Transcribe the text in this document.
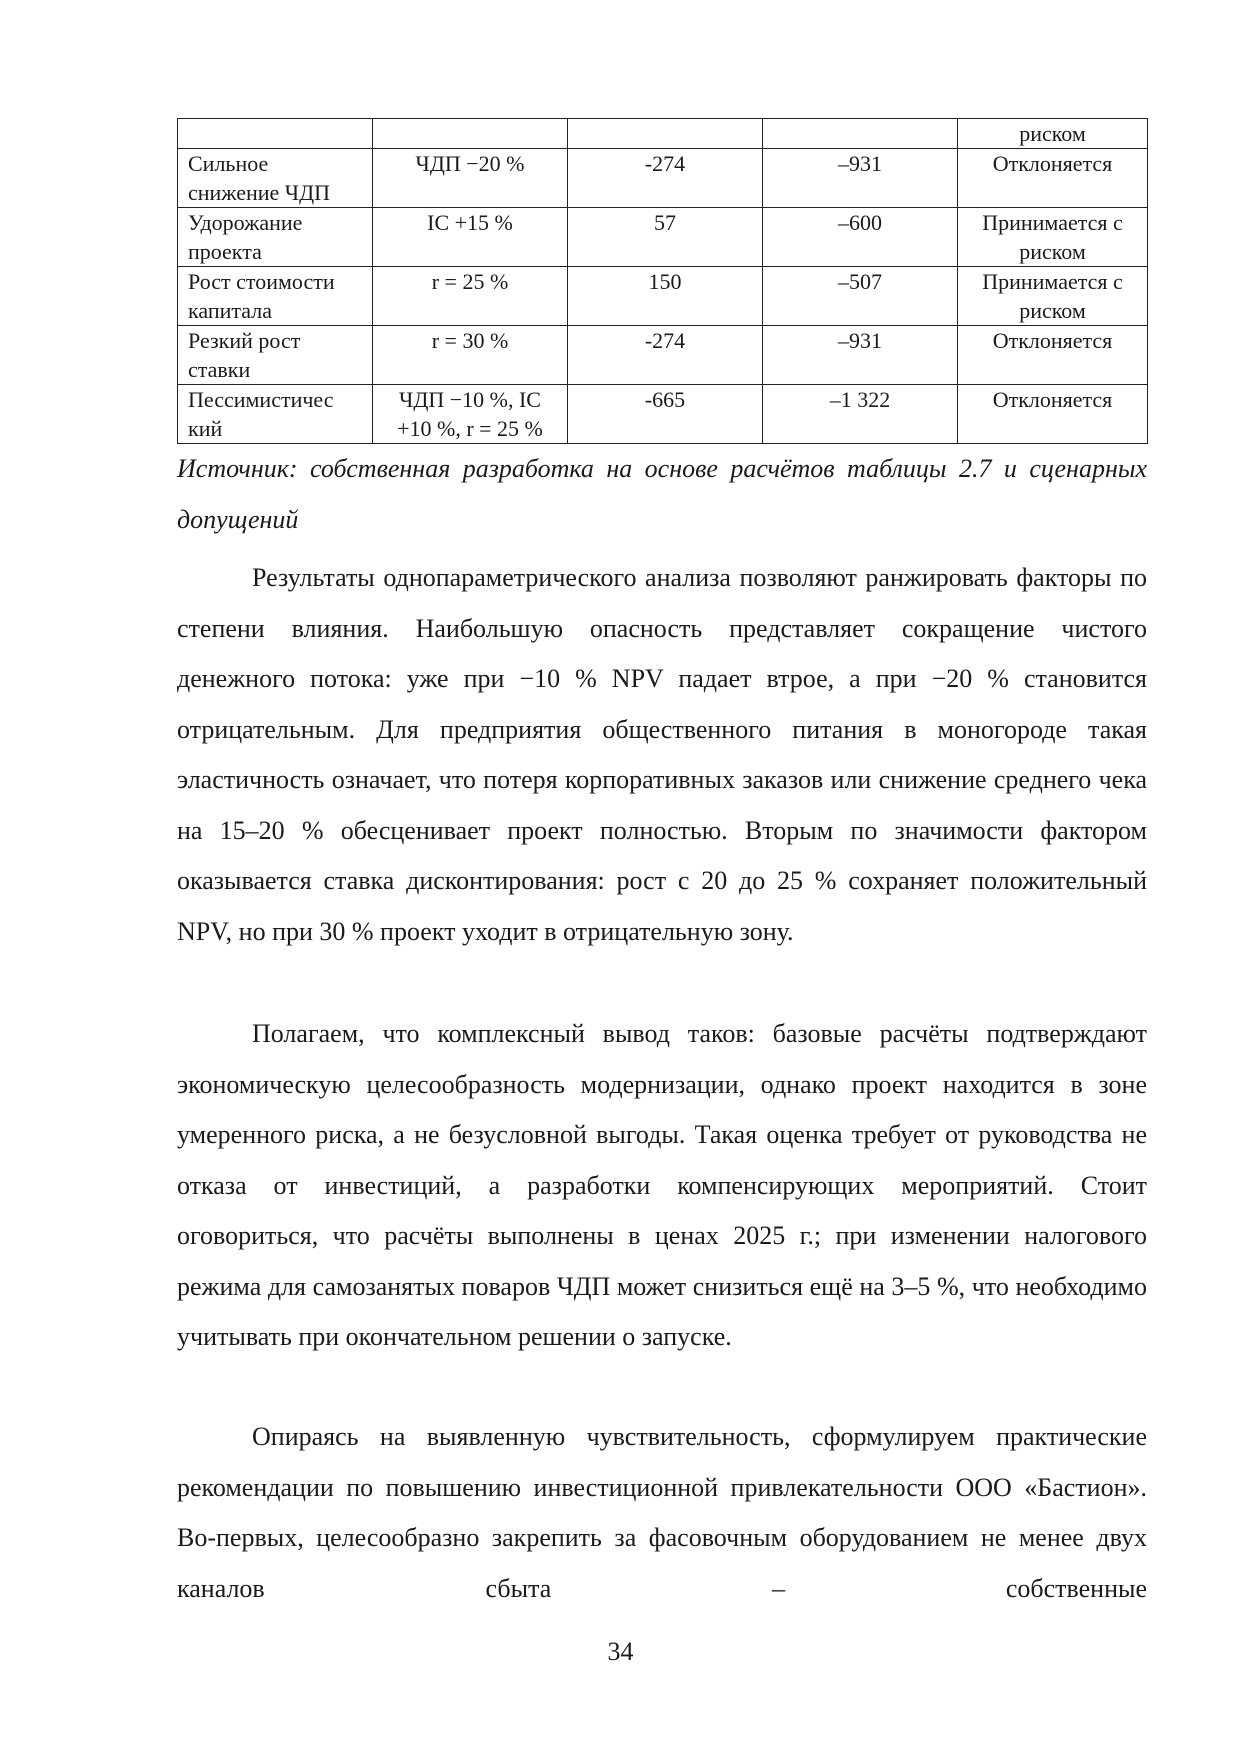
				риском
Сильное снижение ЧДП	ЧДП −20 %	-274	–931	Отклоняется
Удорожание проекта	IC +15 %	57	–600	Принимается с риском
Рост стоимости капитала	r = 25 %	150	–507	Принимается с риском
Резкий рост ставки	r = 30 %	-274	–931	Отклоняется
Пессимистичес кий	ЧДП −10 %, IC +10 %, r = 25 %	-665	–1 322	Отклоняется
Источник: собственная разработка на основе расчётов таблицы 2.7 и сценарных допущений

Результаты однопараметрического анализа позволяют ранжировать факторы по степени влияния. Наибольшую опасность представляет сокращение чистого денежного потока: уже при −10 % NPV падает втрое, а при −20 % становится отрицательным. Для предприятия общественного питания в моногороде такая эластичность означает, что потеря корпоративных заказов или снижение среднего чека на 15–20 % обесценивает проект полностью. Вторым по значимости фактором оказывается ставка дисконтирования: рост с 20 до 25 % сохраняет положительный NPV, но при 30 % проект уходит в отрицательную зону.

Полагаем, что комплексный вывод таков: базовые расчёты подтверждают экономическую целесообразность модернизации, однако проект находится в зоне умеренного риска, а не безусловной выгоды. Такая оценка требует от руководства не отказа от инвестиций, а разработки компенсирующих мероприятий. Стоит оговориться, что расчёты выполнены в ценах 2025 г.; при изменении налогового режима для самозанятых поваров ЧДП может снизиться ещё на 3–5 %, что необходимо учитывать при окончательном решении о запуске.

Опираясь на выявленную чувствительность, сформулируем практические рекомендации по повышению инвестиционной привлекательности ООО «Бастион». Во-первых, целесообразно закрепить за фасовочным оборудованием не менее двух каналов сбыта – собственные

34
